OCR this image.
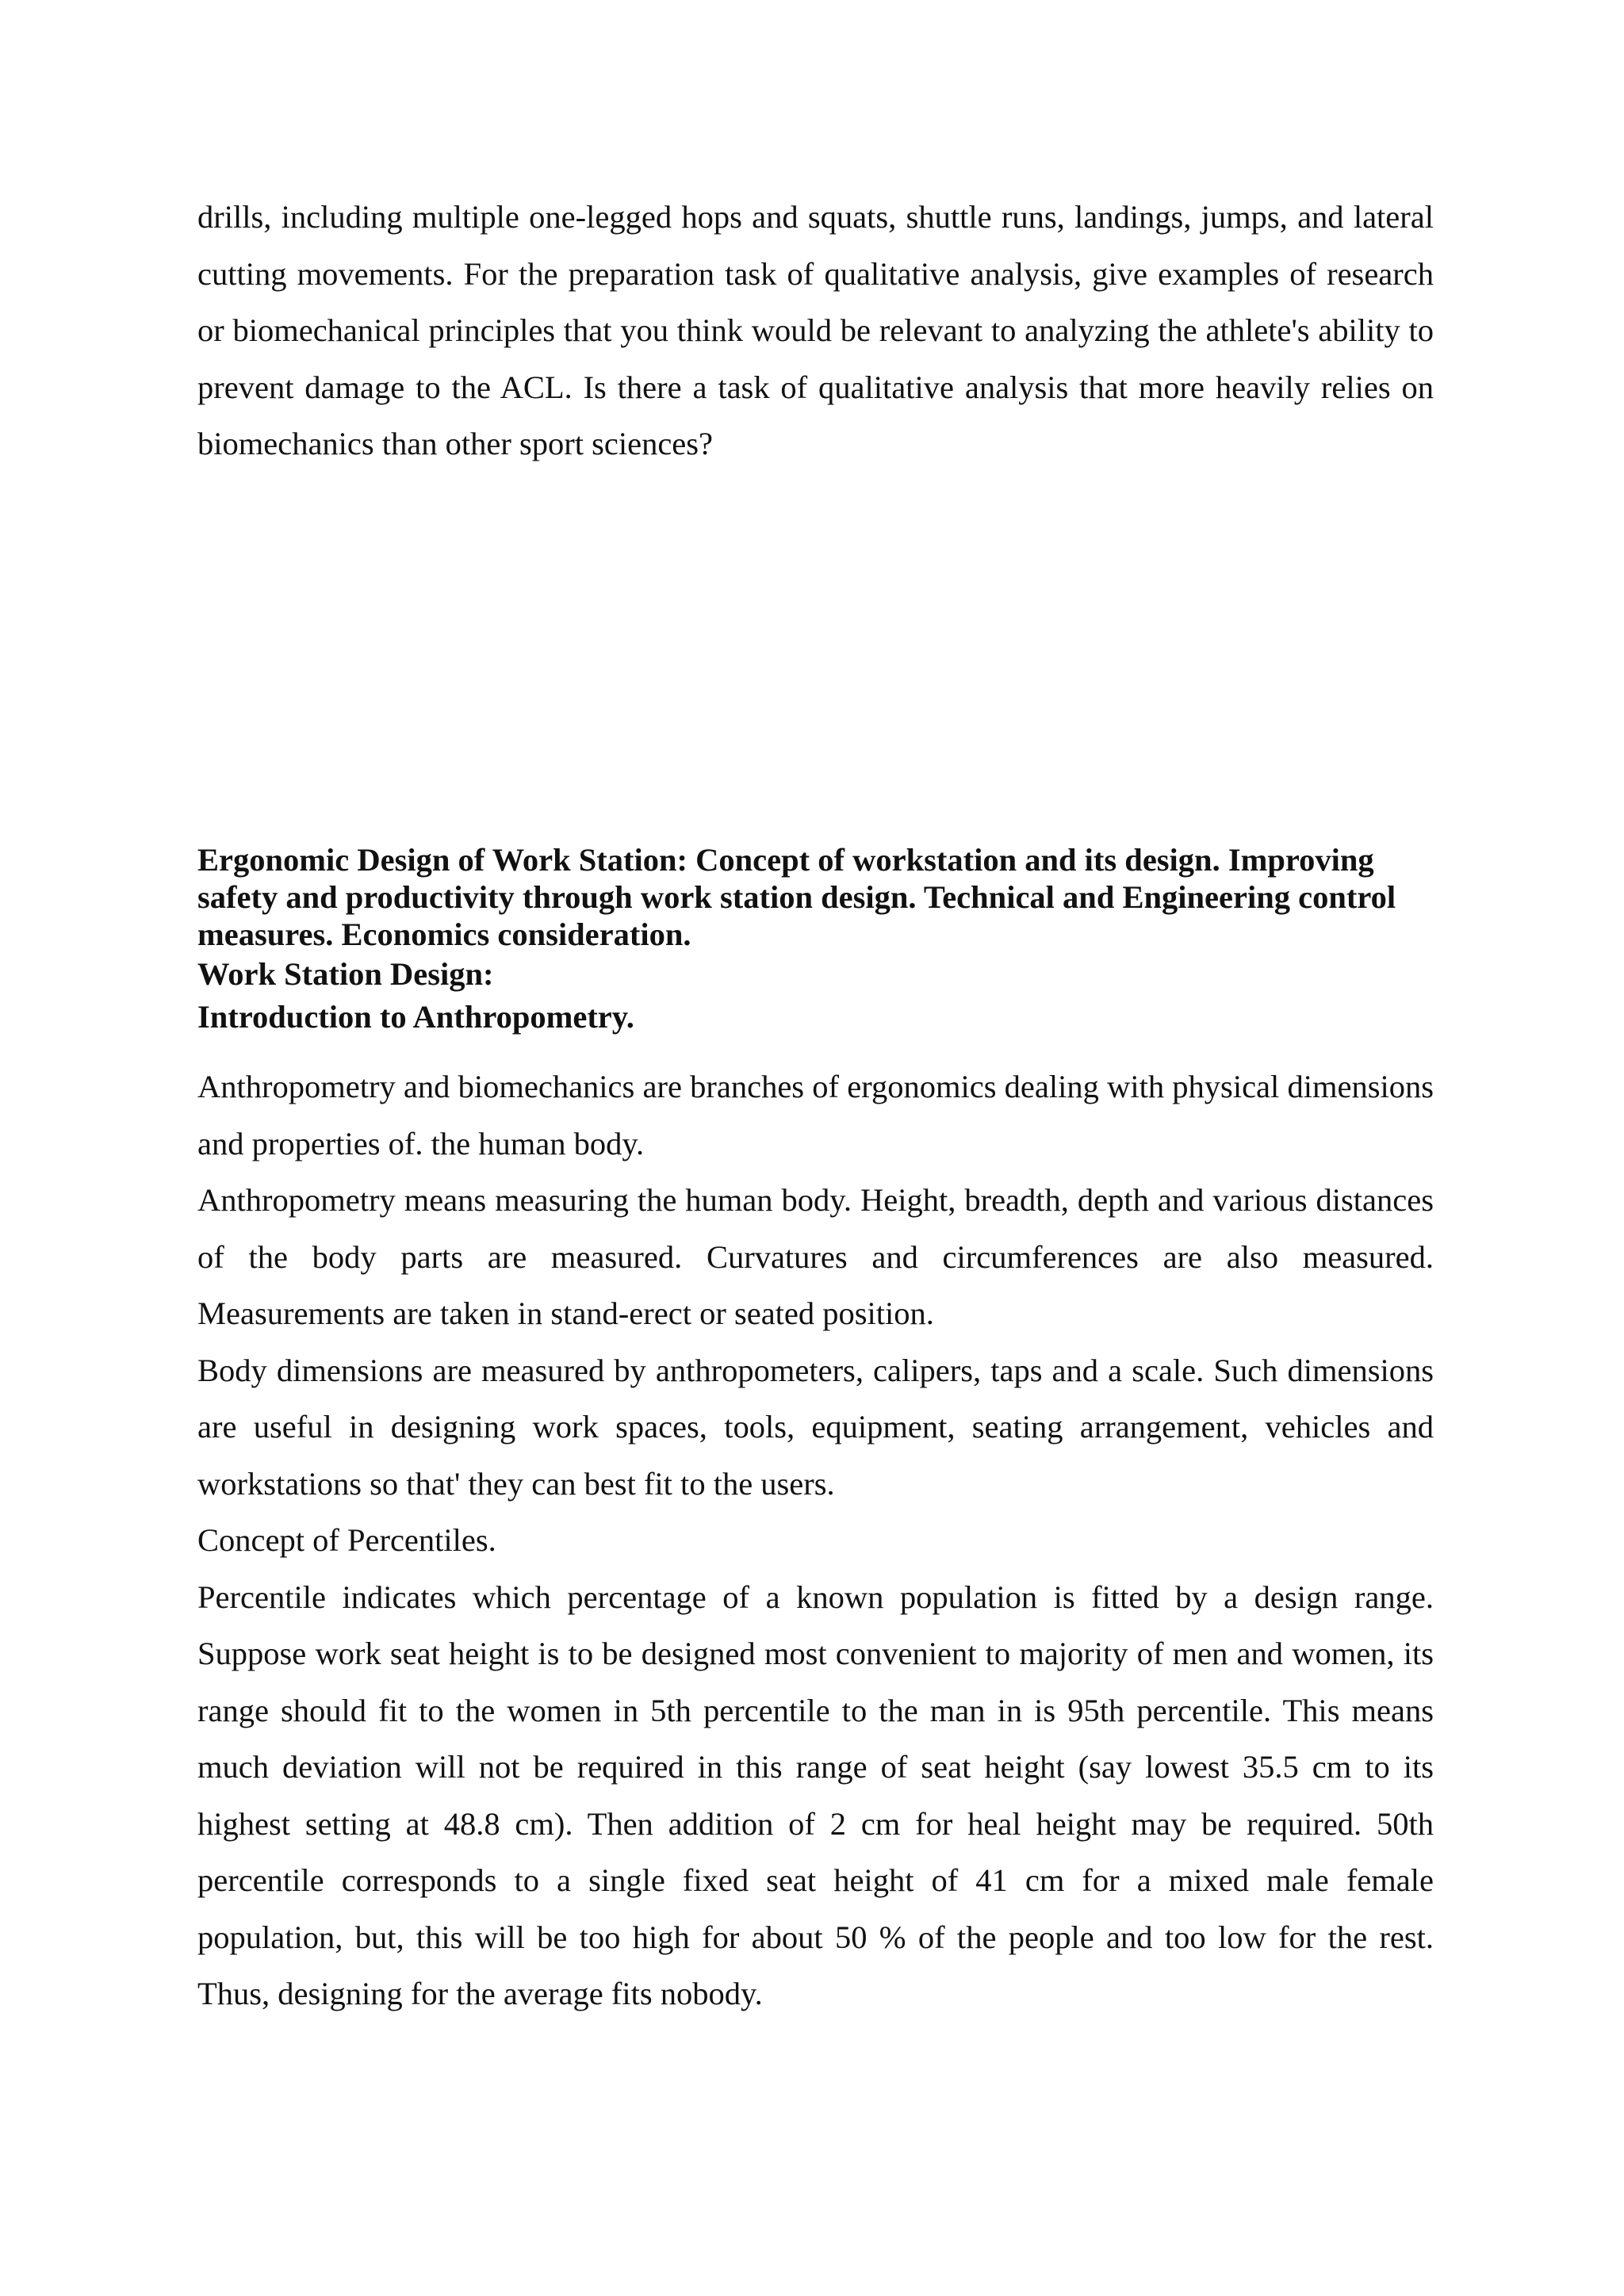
drills, including multiple one-legged hops and squats, shuttle runs, landings, jumps, and lateral cutting movements. For the preparation task of qualitative analysis, give examples of research or biomechanical principles that you think would be relevant to analyzing the athlete's ability to prevent damage to the ACL. Is there a task of qualitative analysis that more heavily relies on biomechanics than other sport sciences?

Ergonomic Design of Work Station: Concept of workstation and its design. Improving safety and productivity through work station design. Technical and Engineering control measures. Economics consideration.

Work Station Design:

Introduction to Anthropometry.

Anthropometry and biomechanics are branches of ergonomics dealing with physical dimensions and properties of. the human body.

Anthropometry means measuring the human body. Height, breadth, depth and various distances of the body parts are measured. Curvatures and circumferences are also measured. Measurements are taken in stand-erect or seated position.

Body dimensions are measured by anthropometers, calipers, taps and a scale. Such dimensions are useful in designing work spaces, tools, equipment, seating arrangement, vehicles and workstations so that' they can best fit to the users.

Concept of Percentiles.

Percentile indicates which percentage of a known population is fitted by a design range. Suppose work seat height is to be designed most convenient to majority of men and women, its range should fit to the women in 5th percentile to the man in is 95th percentile. This means much deviation will not be required in this range of seat height (say lowest 35.5 cm to its highest setting at 48.8 cm). Then addition of 2 cm for heal height may be required. 50th percentile corresponds to a single fixed seat height of 41 cm for a mixed male female population, but, this will be too high for about 50 % of the people and too low for the rest. Thus, designing for the average fits nobody.
